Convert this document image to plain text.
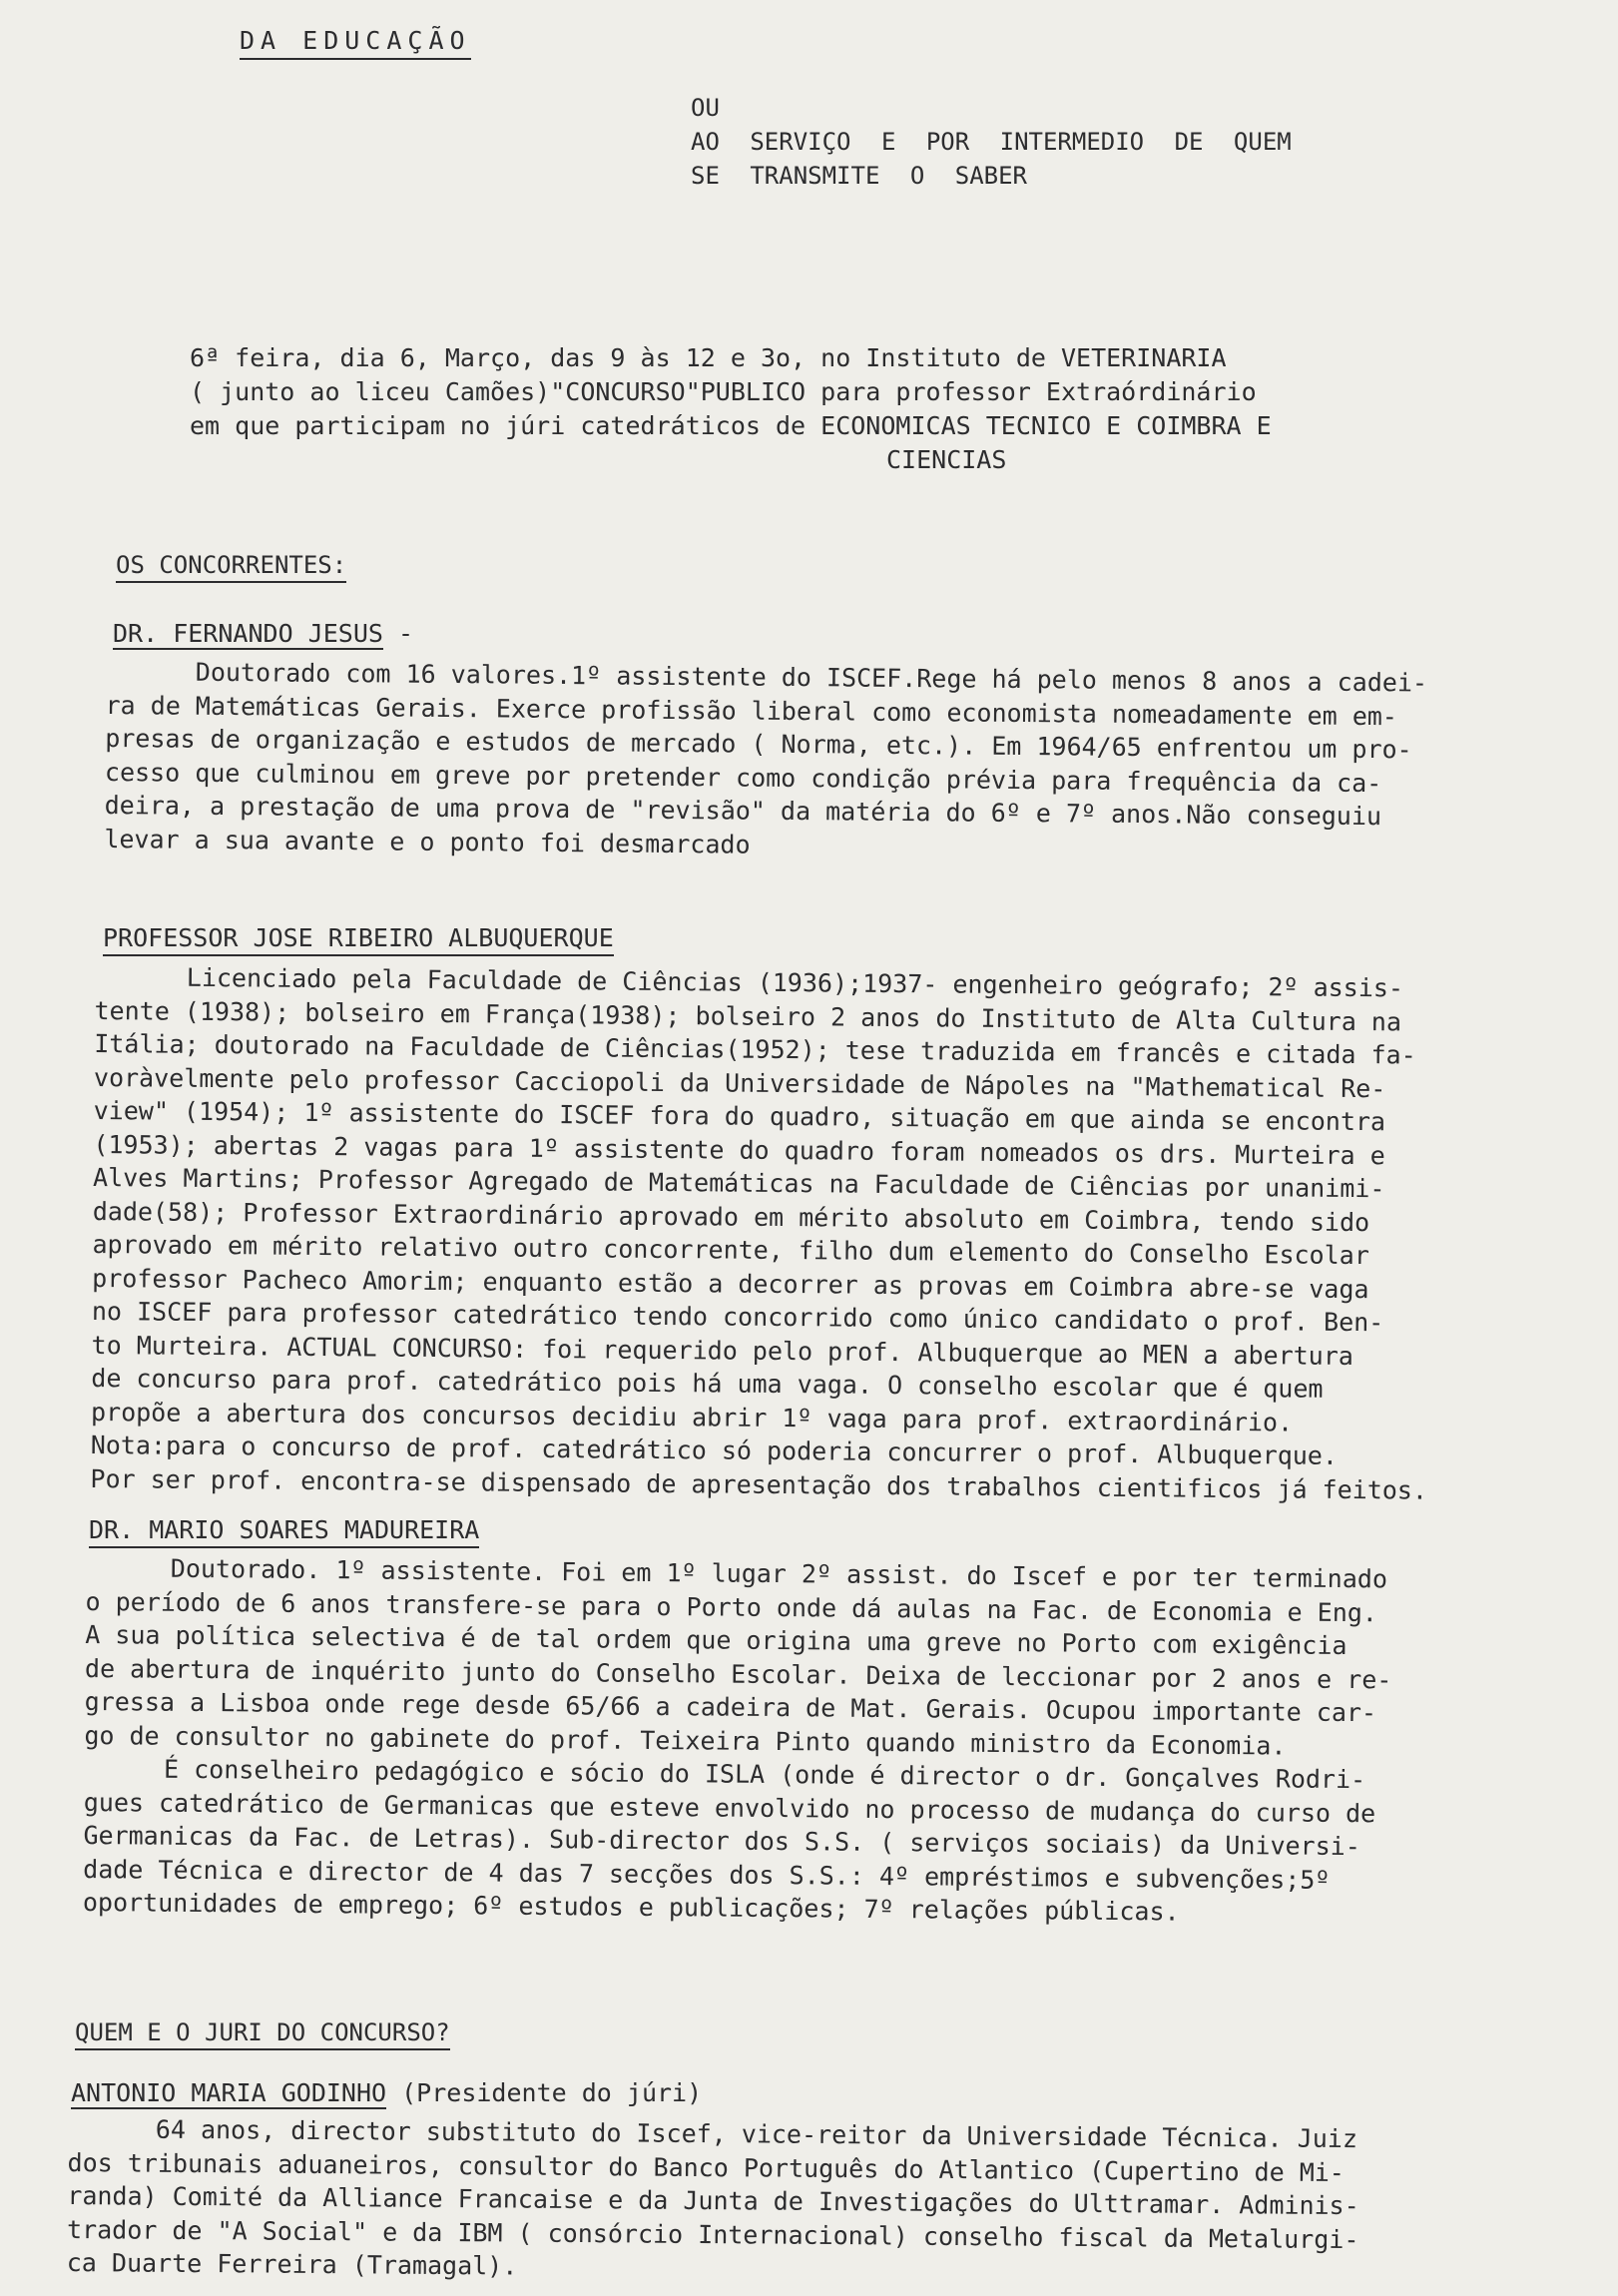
DA EDUCAÇÃO
OU
AO SERVIÇO E POR INTERMEDIO DE QUEM
SE TRANSMITE O SABER
6ª feira, dia 6, Março, das 9 às 12 e 3o, no Instituto de VETERINARIA
( junto ao liceu Camões)"CONCURSO"PUBLICO para professor Extraórdinário
em que participam no júri catedráticos de ECONOMICAS TECNICO E COIMBRA E
CIENCIAS
OS CONCORRENTES:
DR. FERNANDO JESUS -
Doutorado com 16 valores.1º assistente do ISCEF.Rege há pelo menos 8 anos a cadei-
ra de Matemáticas Gerais. Exerce profissão liberal como economista nomeadamente em em-
presas de organização e estudos de mercado ( Norma, etc.). Em 1964/65 enfrentou um pro-
cesso que culminou em greve por pretender como condição prévia para frequência da ca-
deira, a prestação de uma prova de "revisão" da matéria do 6º e 7º anos.Não conseguiu
levar a sua avante e o ponto foi desmarcado
PROFESSOR JOSE RIBEIRO ALBUQUERQUE
Licenciado pela Faculdade de Ciências (1936);1937- engenheiro geógrafo; 2º assis-
tente (1938); bolseiro em França(1938); bolseiro 2 anos do Instituto de Alta Cultura na
Itália; doutorado na Faculdade de Ciências(1952); tese traduzida em francês e citada fa-
voràvelmente pelo professor Cacciopoli da Universidade de Nápoles na "Mathematical Re-
view" (1954); 1º assistente do ISCEF fora do quadro, situação em que ainda se encontra
(1953); abertas 2 vagas para 1º assistente do quadro foram nomeados os drs. Murteira e
Alves Martins; Professor Agregado de Matemáticas na Faculdade de Ciências por unanimi-
dade(58); Professor Extraordinário aprovado em mérito absoluto em Coimbra, tendo sido
aprovado em mérito relativo outro concorrente, filho dum elemento do Conselho Escolar
professor Pacheco Amorim; enquanto estão a decorrer as provas em Coimbra abre-se vaga
no ISCEF para professor catedrático tendo concorrido como único candidato o prof. Ben-
to Murteira. ACTUAL CONCURSO: foi requerido pelo prof. Albuquerque ao MEN a abertura
de concurso para prof. catedrático pois há uma vaga. O conselho escolar que é quem
propõe a abertura dos concursos decidiu abrir 1º vaga para prof. extraordinário.
Nota:para o concurso de prof. catedrático só poderia concurrer o prof. Albuquerque.
Por ser prof. encontra-se dispensado de apresentação dos trabalhos cientificos já feitos.
DR. MARIO SOARES MADUREIRA
Doutorado. 1º assistente. Foi em 1º lugar 2º assist. do Iscef e por ter terminado
o período de 6 anos transfere-se para o Porto onde dá aulas na Fac. de Economia e Eng.
A sua política selectiva é de tal ordem que origina uma greve no Porto com exigência
de abertura de inquérito junto do Conselho Escolar. Deixa de leccionar por 2 anos e re-
gressa a Lisboa onde rege desde 65/66 a cadeira de Mat. Gerais. Ocupou importante car-
go de consultor no gabinete do prof. Teixeira Pinto quando ministro da Economia.
É conselheiro pedagógico e sócio do ISLA (onde é director o dr. Gonçalves Rodri-
gues catedrático de Germanicas que esteve envolvido no processo de mudança do curso de
Germanicas da Fac. de Letras). Sub-director dos S.S. ( serviços sociais) da Universi-
dade Técnica e director de 4 das 7 secções dos S.S.: 4º empréstimos e subvenções;5º
oportunidades de emprego; 6º estudos e publicações; 7º relações públicas.
QUEM E O JURI DO CONCURSO?
ANTONIO MARIA GODINHO (Presidente do júri)
64 anos, director substituto do Iscef, vice-reitor da Universidade Técnica. Juiz
dos tribunais aduaneiros, consultor do Banco Português do Atlantico (Cupertino de Mi-
randa) Comité da Alliance Francaise e da Junta de Investigações do Ulttramar. Adminis-
trador de "A Social" e da IBM ( consórcio Internacional) conselho fiscal da Metalurgi-
ca Duarte Ferreira (Tramagal).
